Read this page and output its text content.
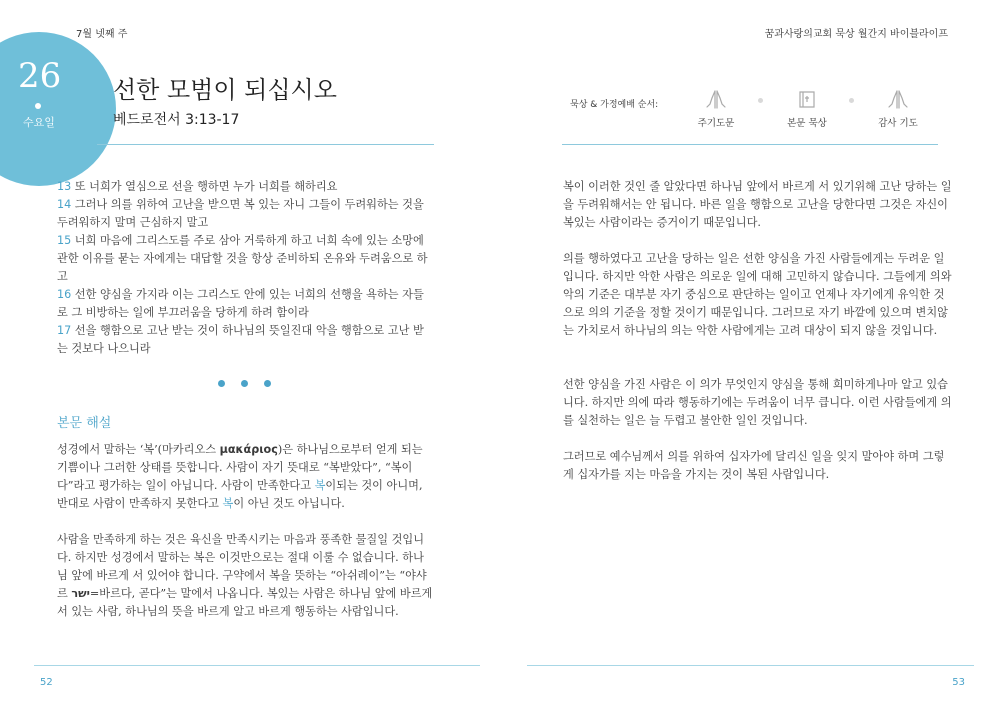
7월 넷째 주	꿈과사랑의교회 묵상 월간지 바이블라이프
26
수요일
선한 모범이 되십시오
베드로전서 3:13-17
묵상 & 가정예배 순서:
주기도문	본문 묵상	감사 기도
13 또 너희가 열심으로 선을 행하면 누가 너희를 해하리요
14 그러나 의를 위하여 고난을 받으면 복 있는 자니 그들이 두려워하는 것을 두려워하지 말며 근심하지 말고
15 너희 마음에 그리스도를 주로 삼아 거룩하게 하고 너희 속에 있는 소망에 관한 이유를 묻는 자에게는 대답할 것을 항상 준비하되 온유와 두려움으로 하고
16 선한 양심을 가지라 이는 그리스도 안에 있는 너희의 선행을 욕하는 자들로 그 비방하는 일에 부끄러움을 당하게 하려 함이라
17 선을 행함으로 고난 받는 것이 하나님의 뜻일진대 악을 행함으로 고난 받는 것보다 나으니라
본문 해설
성경에서 말하는 ‘복’(마카리오스 μακάριος)은 하나님으로부터 얻게 되는 기쁨이나 그러한 상태를 뜻합니다. 사람이 자기 뜻대로 “복받았다”, “복이다”라고 평가하는 일이 아닙니다. 사람이 만족한다고 복이되는 것이 아니며, 반대로 사람이 만족하지 못한다고 복이 아닌 것도 아닙니다.
사람을 만족하게 하는 것은 육신을 만족시키는 마음과 풍족한 물질일 것입니다. 하지만 성경에서 말하는 복은 이것만으로는 절대 이룰 수 없습니다. 하나님 앞에 바르게 서 있어야 합니다. 구약에서 복을 뜻하는 “아쉬레이”는 “야샤르 ישר=바르다, 곧다”는 말에서 나옵니다. 복있는 사람은 하나님 앞에 바르게 서 있는 사람, 하나님의 뜻을 바르게 알고 바르게 행동하는 사람입니다.
복이 이러한 것인 줄 알았다면 하나님 앞에서 바르게 서 있기위해 고난 당하는 일을 두려워해서는 안 됩니다. 바른 일을 행함으로 고난을 당한다면 그것은 자신이 복있는 사람이라는 증거이기 때문입니다.
의를 행하였다고 고난을 당하는 일은 선한 양심을 가진 사람들에게는 두려운 일입니다. 하지만 악한 사람은 의로운 일에 대해 고민하지 않습니다. 그들에게 의와 악의 기준은 대부분 자기 중심으로 판단하는 일이고 언제나 자기에게 유익한 것으로 의의 기준을 정할 것이기 때문입니다. 그러므로 자기 바깥에 있으며 변치않는 가치로서 하나님의 의는 악한 사람에게는 고려 대상이 되지 않을 것입니다.
선한 양심을 가진 사람은 이 의가 무엇인지 양심을 통해 희미하게나마 알고 있습니다. 하지만 의에 따라 행동하기에는 두려움이 너무 큽니다. 이런 사람들에게 의를 실천하는 일은 늘 두렵고 불안한 일인 것입니다.
그러므로 예수님께서 의를 위하여 십자가에 달리신 일을 잊지 말아야 하며 그렇게 십자가를 지는 마음을 가지는 것이 복된 사람입니다.
52	53
